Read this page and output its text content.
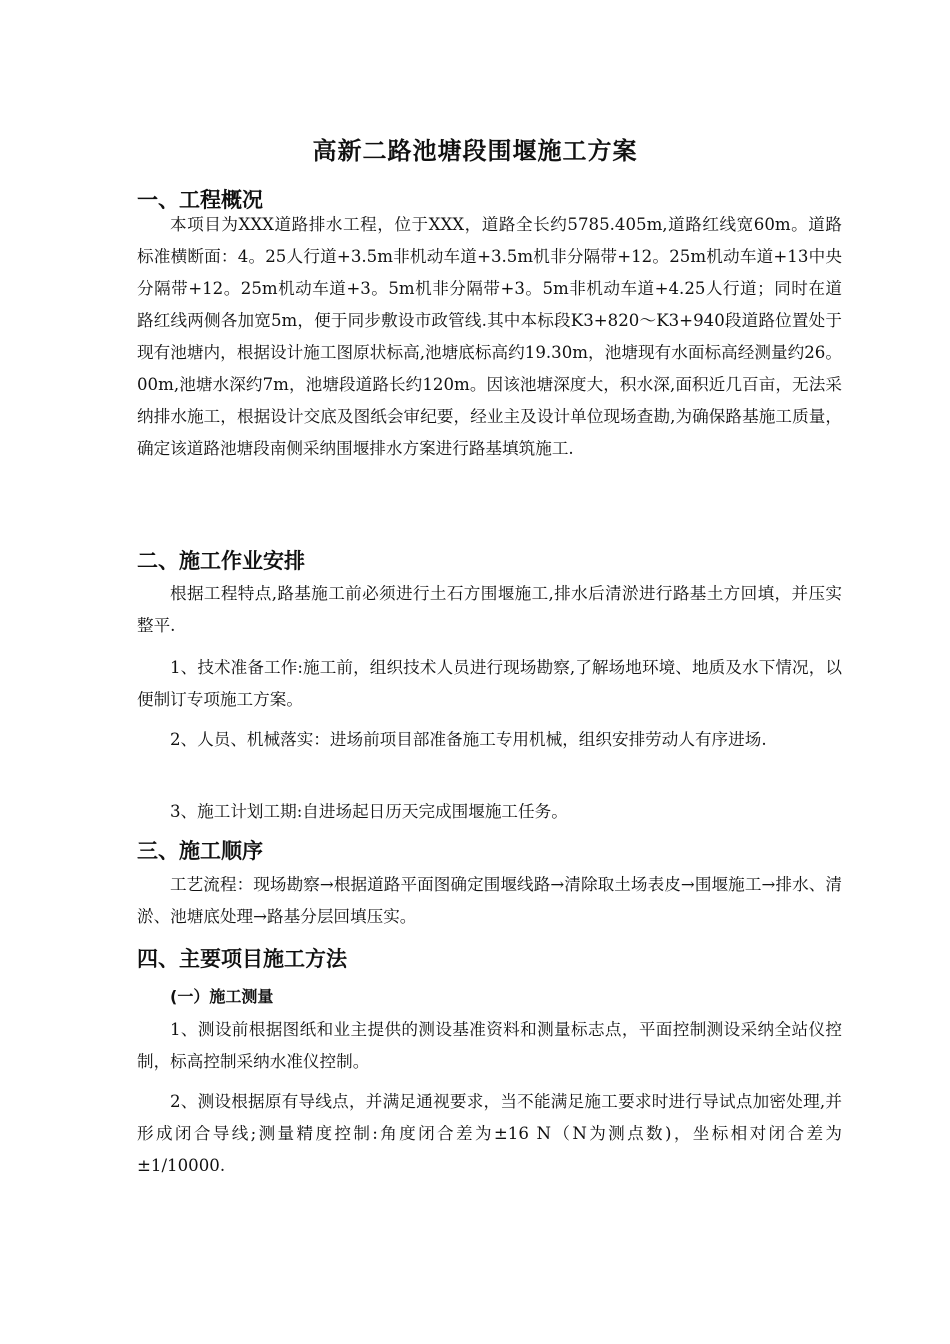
高新二路池塘段围堰施工方案
一、工程概况

本项目为XXX道路排水工程，位于XXX，道路全长约5785.405m,道路红线宽60m。道路标准横断面：4。25人行道+3.5m非机动车道+3.5m机非分隔带+12。25m机动车道+13中央分隔带+12。25m机动车道+3。5m机非分隔带+3。5m非机动车道+4.25人行道；同时在道路红线两侧各加宽5m，便于同步敷设市政管线.其中本标段K3+820～K3+940段道路位置处于现有池塘内，根据设计施工图原状标高,池塘底标高约19.30m，池塘现有水面标高经测量约26。00m,池塘水深约7m，池塘段道路长约120m。因该池塘深度大，积水深,面积近几百亩，无法采纳排水施工，根据设计交底及图纸会审纪要，经业主及设计单位现场查勘,为确保路基施工质量，确定该道路池塘段南侧采纳围堰排水方案进行路基填筑施工.

二、施工作业安排

根据工程特点,路基施工前必须进行土石方围堰施工,排水后清淤进行路基土方回填，并压实整平.

1、技术准备工作:施工前，组织技术人员进行现场勘察,了解场地环境、地质及水下情况，以便制订专项施工方案。

2、人员、机械落实：进场前项目部准备施工专用机械，组织安排劳动人有序进场.

3、施工计划工期:自进场起日历天完成围堰施工任务。

三、施工顺序

工艺流程：现场勘察→根据道路平面图确定围堰线路→清除取土场表皮→围堰施工→排水、清淤、池塘底处理→路基分层回填压实。

四、主要项目施工方法
(一）施工测量

1、测设前根据图纸和业主提供的测设基准资料和测量标志点，平面控制测设采纳全站仪控制，标高控制采纳水准仪控制。

2、测设根据原有导线点，并满足通视要求，当不能满足施工要求时进行导试点加密处理,并形成闭合导线;测量精度控制:角度闭合差为±16 N（N为测点数)，坐标相对闭合差为±1/10000.
